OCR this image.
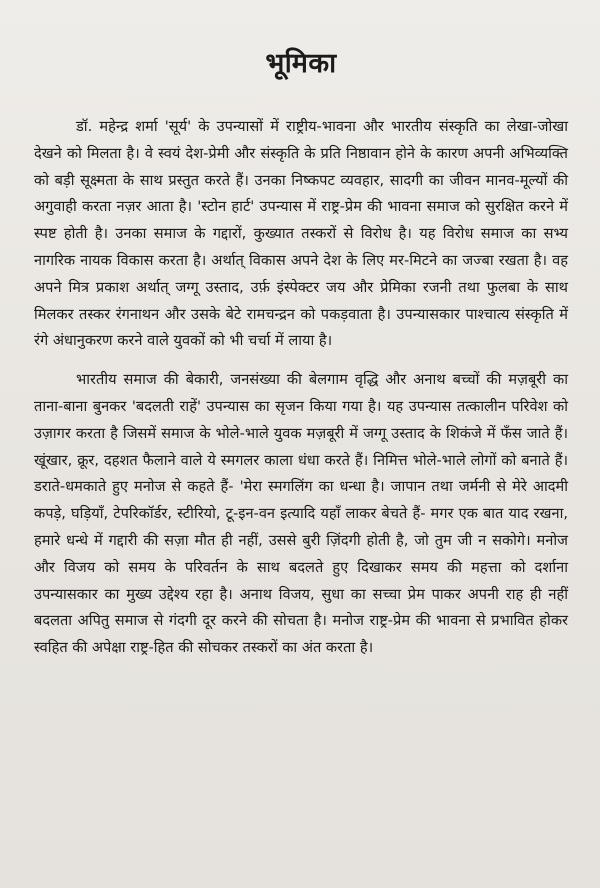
भूमिका

डॉ. महेन्द्र शर्मा 'सूर्य' के उपन्यासों में राष्ट्रीय-भावना और भारतीय संस्कृति का लेखा-जोखा देखने को मिलता है। वे स्वयं देश-प्रेमी और संस्कृति के प्रति निष्ठावान होने के कारण अपनी अभिव्यक्ति को बड़ी सूक्ष्मता के साथ प्रस्तुत करते हैं। उनका निष्कपट व्यवहार, सादगी का जीवन मानव-मूल्यों की अगुवाही करता नज़र आता है। 'स्टोन हार्ट' उपन्यास में राष्ट्र-प्रेम की भावना समाज को सुरक्षित करने में स्पष्ट होती है। उनका समाज के गद्दारों, कुख्यात तस्करों से विरोध है। यह विरोध समाज का सभ्य नागरिक नायक विकास करता है। अर्थात् विकास अपने देश के लिए मर-मिटने का जज्बा रखता है। वह अपने मित्र प्रकाश अर्थात् जग्गू उस्ताद, उर्फ़ इंस्पेक्टर जय और प्रेमिका रजनी तथा फुलबा के साथ मिलकर तस्कर रंगनाथन और उसके बेटे रामचन्द्रन को पकड़वाता है। उपन्यासकार पाश्चात्य संस्कृति में रंगे अंधानुकरण करने वाले युवकों को भी चर्चा में लाया है।

भारतीय समाज की बेकारी, जनसंख्या की बेलगाम वृद्धि और अनाथ बच्चों की मज़बूरी का ताना-बाना बुनकर 'बदलती राहें' उपन्यास का सृजन किया गया है। यह उपन्यास तत्कालीन परिवेश को उज़ागर करता है जिसमें समाज के भोले-भाले युवक मज़बूरी में जग्गू उस्ताद के शिकंजे में फँस जाते हैं। खूंखार, क्रूर, दहशत फैलाने वाले ये स्मगलर काला धंधा करते हैं। निमित्त भोले-भाले लोगों को बनाते हैं। डराते-धमकाते हुए मनोज से कहते हैं- 'मेरा स्मगलिंग का धन्धा है। जापान तथा जर्मनी से मेरे आदमी कपड़े, घड़ियाँ, टेपरिकॉर्डर, स्टीरियो, टू-इन-वन इत्यादि यहाँ लाकर बेचते हैं- मगर एक बात याद रखना, हमारे धन्धे में गद्दारी की सज़ा मौत ही नहीं, उससे बुरी ज़िंदगी होती है, जो तुम जी न सकोगे। मनोज और विजय को समय के परिवर्तन के साथ बदलते हुए दिखाकर समय की महत्ता को दर्शाना उपन्यासकार का मुख्य उद्देश्य रहा है। अनाथ विजय, सुधा का सच्चा प्रेम पाकर अपनी राह ही नहीं बदलता अपितु समाज से गंदगी दूर करने की सोचता है। मनोज राष्ट्र-प्रेम की भावना से प्रभावित होकर स्वहित की अपेक्षा राष्ट्र-हित की सोचकर तस्करों का अंत करता है।
